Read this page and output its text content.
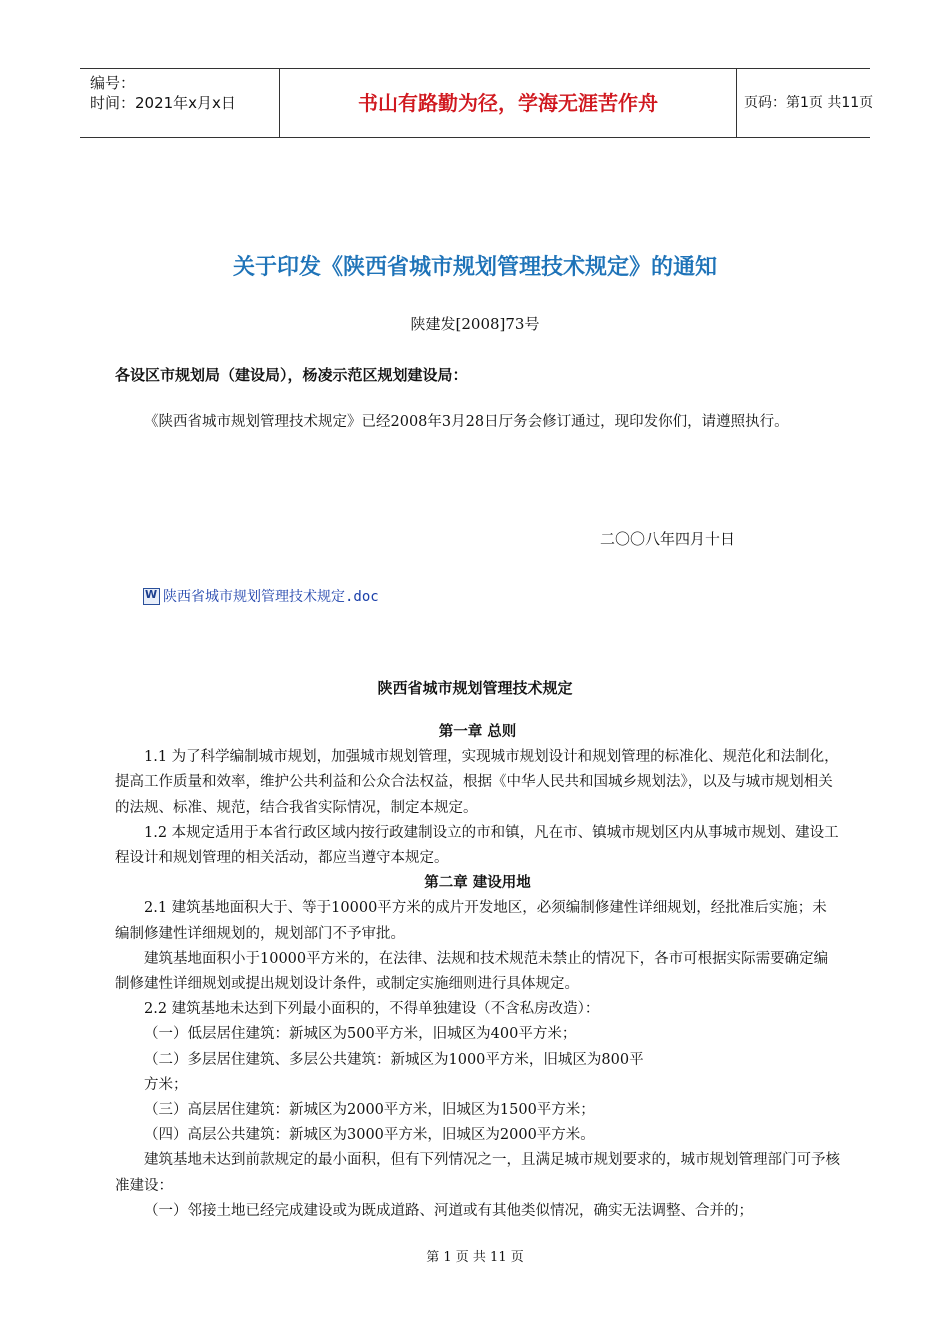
编号：
时间：2021年x月x日	书山有路勤为径，学海无涯苦作舟	页码：第1页 共11页
关于印发《陕西省城市规划管理技术规定》的通知
陕建发[2008]73号
各设区市规划局（建设局），杨凌示范区规划建设局：
《陕西省城市规划管理技术规定》已经2008年3月28日厅务会修订通过，现印发你们，请遵照执行。
二〇〇八年四月十日
W 陕西省城市规划管理技术规定.doc
陕西省城市规划管理技术规定

第一章 总则

1.1 为了科学编制城市规划，加强城市规划管理，实现城市规划设计和规划管理的标准化、规范化和法制化，提高工作质量和效率，维护公共利益和公众合法权益，根据《中华人民共和国城乡规划法》，以及与城市规划相关的法规、标准、规范，结合我省实际情况，制定本规定。

1.2 本规定适用于本省行政区域内按行政建制设立的市和镇，凡在市、镇城市规划区内从事城市规划、建设工程设计和规划管理的相关活动，都应当遵守本规定。

第二章 建设用地

2.1 建筑基地面积大于、等于10000平方米的成片开发地区，必须编制修建性详细规划，经批准后实施；未编制修建性详细规划的，规划部门不予审批。

建筑基地面积小于10000平方米的，在法律、法规和技术规范未禁止的情况下，各市可根据实际需要确定编制修建性详细规划或提出规划设计条件，或制定实施细则进行具体规定。

2.2 建筑基地未达到下列最小面积的，不得单独建设（不含私房改造）：

（一）低层居住建筑：新城区为500平方米，旧城区为400平方米；

（二）多层居住建筑、多层公共建筑：新城区为1000平方米，旧城区为800平

方米；

（三）高层居住建筑：新城区为2000平方米，旧城区为1500平方米；

（四）高层公共建筑：新城区为3000平方米，旧城区为2000平方米。

建筑基地未达到前款规定的最小面积，但有下列情况之一，且满足城市规划要求的，城市规划管理部门可予核准建设：

（一）邻接土地已经完成建设或为既成道路、河道或有其他类似情况，确实无法调整、合并的；

第 1 页 共 11 页
